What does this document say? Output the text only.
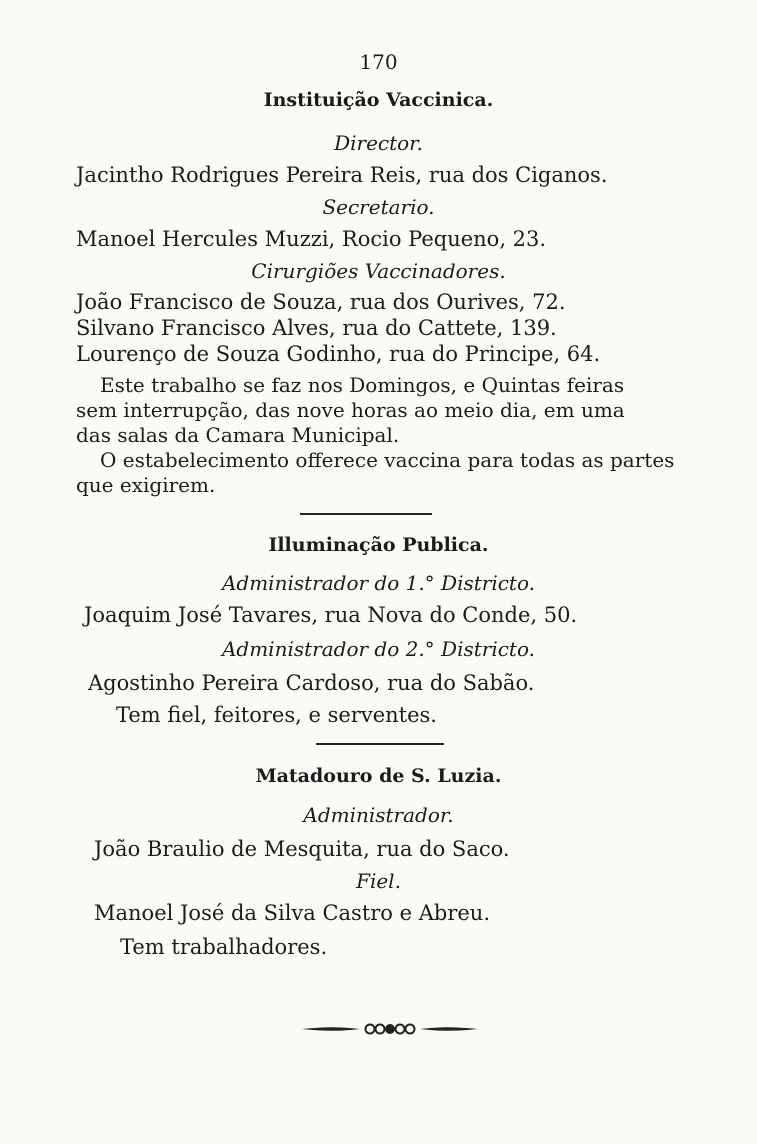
170
Instituição Vaccinica.
Director.
Jacintho Rodrigues Pereira Reis, rua dos Ciganos.
Secretario.
Manoel Hercules Muzzi, Rocio Pequeno, 23.
Cirurgiões Vaccinadores.
João Francisco de Souza, rua dos Ourives, 72.
Silvano Francisco Alves, rua do Cattete, 139.
Lourenço de Souza Godinho, rua do Principe, 64.
Este trabalho se faz nos Domingos, e Quintas feiras
sem interrupção, das nove horas ao meio dia, em uma
das salas da Camara Municipal.
O estabelecimento offerece vaccina para todas as partes
que exigirem.
Illuminação Publica.
Administrador do 1.° Districto.
Joaquim José Tavares, rua Nova do Conde, 50.
Administrador do 2.° Districto.
Agostinho Pereira Cardoso, rua do Sabão.
Tem fiel, feitores, e serventes.
Matadouro de S. Luzia.
Administrador.
João Braulio de Mesquita, rua do Saco.
Fiel.
Manoel José da Silva Castro e Abreu.
Tem trabalhadores.
